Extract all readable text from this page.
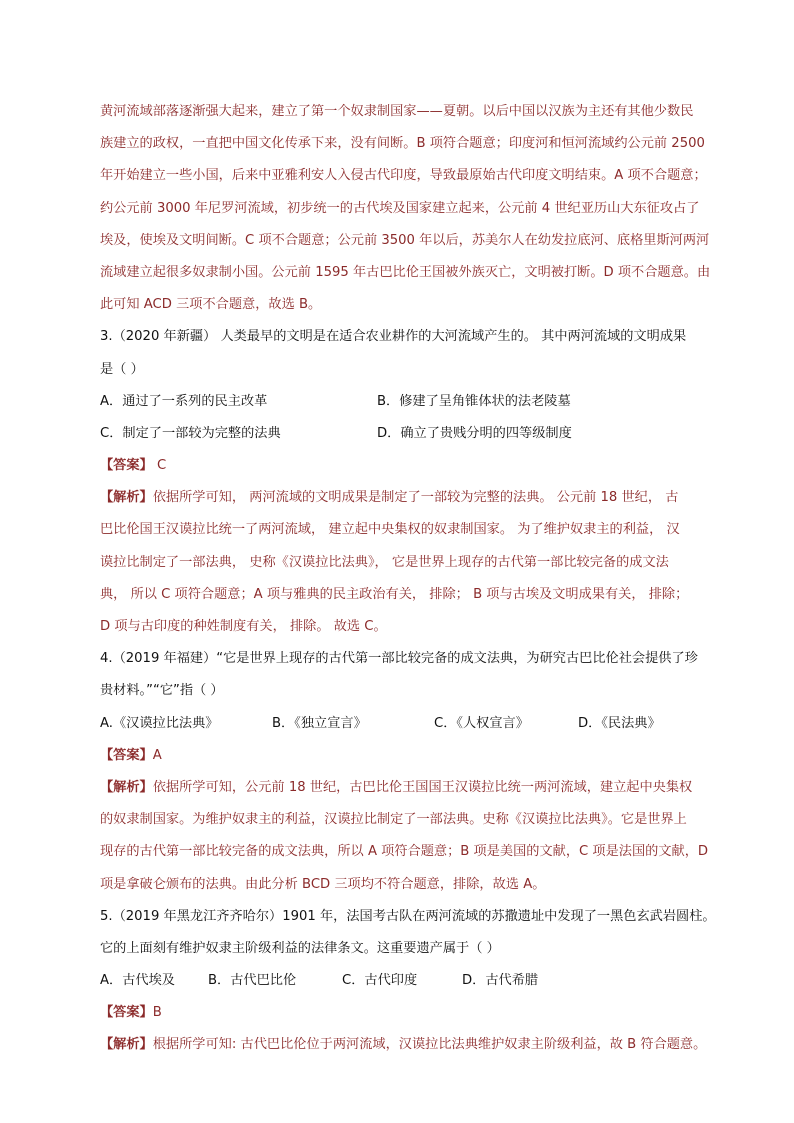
黄河流域部落逐渐强大起来，建立了第一个奴隶制国家——夏朝。以后中国以汉族为主还有其他少数民
族建立的政权，一直把中国文化传承下来，没有间断。B 项符合题意；印度河和恒河流域约公元前 2500
年开始建立一些小国，后来中亚雅利安人入侵古代印度，导致最原始古代印度文明结束。A 项不合题意；
约公元前 3000 年尼罗河流域，初步统一的古代埃及国家建立起来，公元前 4 世纪亚历山大东征攻占了
埃及，使埃及文明间断。C 项不合题意；公元前 3500 年以后，苏美尔人在幼发拉底河、底格里斯河两河
流域建立起很多奴隶制小国。公元前 1595 年古巴比伦王国被外族灭亡，文明被打断。D 项不合题意。由
此可知 ACD 三项不合题意，故选 B。
3.（2020 年新疆） 人类最早的文明是在适合农业耕作的大河流域产生的。 其中两河流域的文明成果
是（ ）
A．通过了一系列的民主改革	B．修建了呈角锥体状的法老陵墓
C．制定了一部较为完整的法典	D．确立了贵贱分明的四等级制度
【答案】 C
【解析】依据所学可知， 两河流域的文明成果是制定了一部较为完整的法典。 公元前 18 世纪， 古
巴比伦国王汉谟拉比统一了两河流域， 建立起中央集权的奴隶制国家。 为了维护奴隶主的利益， 汉
谟拉比制定了一部法典， 史称《汉谟拉比法典》， 它是世界上现存的古代第一部比较完备的成文法
典， 所以 C 项符合题意；A 项与雅典的民主政治有关， 排除； B 项与古埃及文明成果有关， 排除；
D 项与古印度的种姓制度有关， 排除。 故选 C。
4.（2019 年福建）“它是世界上现存的古代第一部比较完备的成文法典，为研究古巴比伦社会提供了珍
贵材料。”“它”指（ ）
A.《汉谟拉比法典》	B．《独立宣言》	C．《人权宣言》	D．《民法典》
【答案】A
【解析】依据所学可知，公元前 18 世纪，古巴比伦王国国王汉谟拉比统一两河流域，建立起中央集权
的奴隶制国家。为维护奴隶主的利益，汉谟拉比制定了一部法典。史称《汉谟拉比法典》。它是世界上
现存的古代第一部比较完备的成文法典，所以 A 项符合题意；B 项是美国的文献，C 项是法国的文献，D
项是拿破仑颁布的法典。由此分析 BCD 三项均不符合题意，排除，故选 A。
5.（2019 年黑龙江齐齐哈尔）1901 年，法国考古队在两河流域的苏撒遗址中发现了一黑色玄武岩圆柱。
它的上面刻有维护奴隶主阶级利益的法律条文。这重要遗产属于（ ）
A．古代埃及	B．古代巴比伦	C．古代印度	D．古代希腊
【答案】B
【解析】根据所学可知: 古代巴比伦位于两河流域，汉谟拉比法典维护奴隶主阶级利益，故 B 符合题意。
